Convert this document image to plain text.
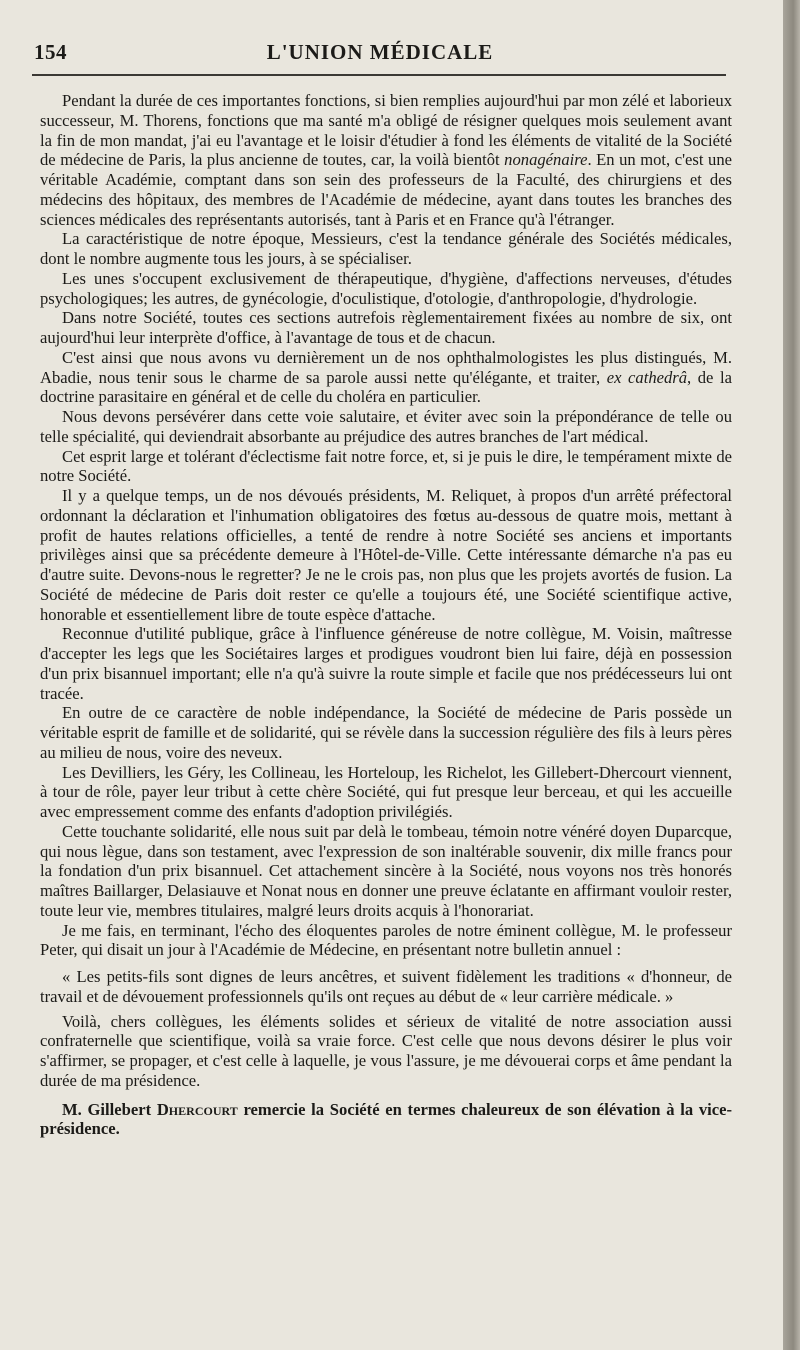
154	L'UNION MÉDICALE

Pendant la durée de ces importantes fonctions, si bien remplies aujourd'hui par mon zélé et laborieux successeur, M. Thorens, fonctions que ma santé m'a obligé de résigner quelques mois seulement avant la fin de mon mandat, j'ai eu l'avantage et le loisir d'étudier à fond les éléments de vitalité de la Société de médecine de Paris, la plus ancienne de toutes, car, la voilà bientôt nonagénaire. En un mot, c'est une véritable Académie, comptant dans son sein des professeurs de la Faculté, des chirurgiens et des médecins des hôpitaux, des membres de l'Académie de médecine, ayant dans toutes les branches des sciences médicales des représentants autorisés, tant à Paris et en France qu'à l'étranger.

La caractéristique de notre époque, Messieurs, c'est la tendance générale des Sociétés médicales, dont le nombre augmente tous les jours, à se spécialiser.

Les unes s'occupent exclusivement de thérapeutique, d'hygiène, d'affections nerveuses, d'études psychologiques; les autres, de gynécologie, d'oculistique, d'otologie, d'anthropologie, d'hydrologie.

Dans notre Société, toutes ces sections autrefois règlementairement fixées au nombre de six, ont aujourd'hui leur interprète d'office, à l'avantage de tous et de chacun.

C'est ainsi que nous avons vu dernièrement un de nos ophthalmologistes les plus distingués, M. Abadie, nous tenir sous le charme de sa parole aussi nette qu'élégante, et traiter, ex cathedrâ, de la doctrine parasitaire en général et de celle du choléra en particulier.

Nous devons persévérer dans cette voie salutaire, et éviter avec soin la prépondérance de telle ou telle spécialité, qui deviendrait absorbante au préjudice des autres branches de l'art médical.

Cet esprit large et tolérant d'éclectisme fait notre force, et, si je puis le dire, le tempérament mixte de notre Société.

Il y a quelque temps, un de nos dévoués présidents, M. Reliquet, à propos d'un arrêté préfectoral ordonnant la déclaration et l'inhumation obligatoires des fœtus au-dessous de quatre mois, mettant à profit de hautes relations officielles, a tenté de rendre à notre Société ses anciens et importants privilèges ainsi que sa précédente demeure à l'Hôtel-de-Ville. Cette intéressante démarche n'a pas eu d'autre suite. Devons-nous le regretter? Je ne le crois pas, non plus que les projets avortés de fusion. La Société de médecine de Paris doit rester ce qu'elle a toujours été, une Société scientifique active, honorable et essentiellement libre de toute espèce d'attache.

Reconnue d'utilité publique, grâce à l'influence généreuse de notre collègue, M. Voisin, maîtresse d'accepter les legs que les Sociétaires larges et prodigues voudront bien lui faire, déjà en possession d'un prix bisannuel important; elle n'a qu'à suivre la route simple et facile que nos prédécesseurs lui ont tracée.

En outre de ce caractère de noble indépendance, la Société de médecine de Paris possède un véritable esprit de famille et de solidarité, qui se révèle dans la succession régulière des fils à leurs pères au milieu de nous, voire des neveux.

Les Devilliers, les Géry, les Collineau, les Horteloup, les Richelot, les Gillebert-Dhercourt viennent, à tour de rôle, payer leur tribut à cette chère Société, qui fut presque leur berceau, et qui les accueille avec empressement comme des enfants d'adoption privilégiés.

Cette touchante solidarité, elle nous suit par delà le tombeau, témoin notre vénéré doyen Duparcque, qui nous lègue, dans son testament, avec l'expression de son inaltérable souvenir, dix mille francs pour la fondation d'un prix bisannuel. Cet attachement sincère à la Société, nous voyons nos très honorés maîtres Baillarger, Delasiauve et Nonat nous en donner une preuve éclatante en affirmant vouloir rester, toute leur vie, membres titulaires, malgré leurs droits acquis à l'honorariat.

Je me fais, en terminant, l'écho des éloquentes paroles de notre éminent collègue, M. le professeur Peter, qui disait un jour à l'Académie de Médecine, en présentant notre bulletin annuel :

« Les petits-fils sont dignes de leurs ancêtres, et suivent fidèlement les traditions « d'honneur, de travail et de dévouement professionnels qu'ils ont reçues au début de « leur carrière médicale. »

Voilà, chers collègues, les éléments solides et sérieux de vitalité de notre association aussi confraternelle que scientifique, voilà sa vraie force. C'est celle que nous devons désirer le plus voir s'affirmer, se propager, et c'est celle à laquelle, je vous l'assure, je me dévouerai corps et âme pendant la durée de ma présidence.

M. Gillebert Dhercourt remercie la Société en termes chaleureux de son élévation à la vice-présidence.
